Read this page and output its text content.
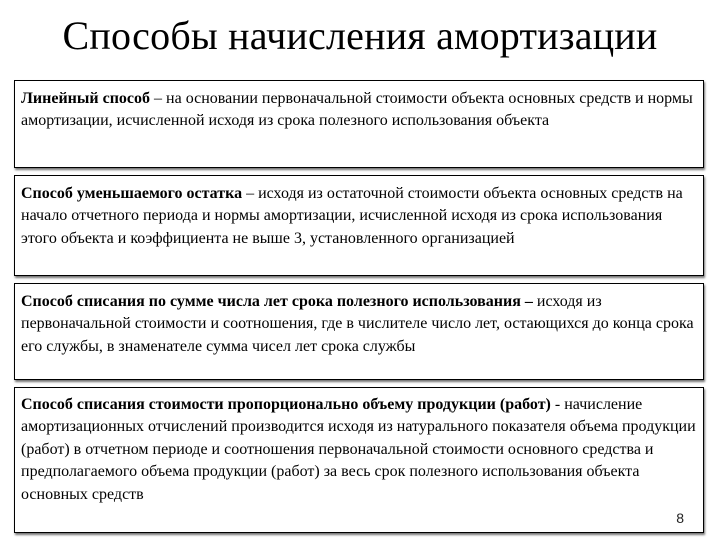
Способы начисления амортизации
Линейный способ – на основании первоначальной стоимости объекта основных средств и нормы амортизации, исчисленной исходя из срока полезного использования объекта
Способ уменьшаемого остатка – исходя из остаточной стоимости объекта основных средств на начало отчетного периода и нормы амортизации, исчисленной исходя из срока использования этого объекта и коэффициента не выше 3, установленного организацией
Способ списания по сумме числа лет срока полезного использования – исходя из первоначальной стоимости и соотношения, где в числителе число лет, остающихся до конца срока его службы, в знаменателе сумма чисел лет срока службы
Способ списания стоимости пропорционально объему продукции (работ) - начисление амортизационных отчислений производится исходя из натурального показателя объема продукции (работ) в отчетном периоде и соотношения первоначальной стоимости основного средства и предполагаемого объема продукции (работ) за весь срок полезного использования объекта основных средств
8
